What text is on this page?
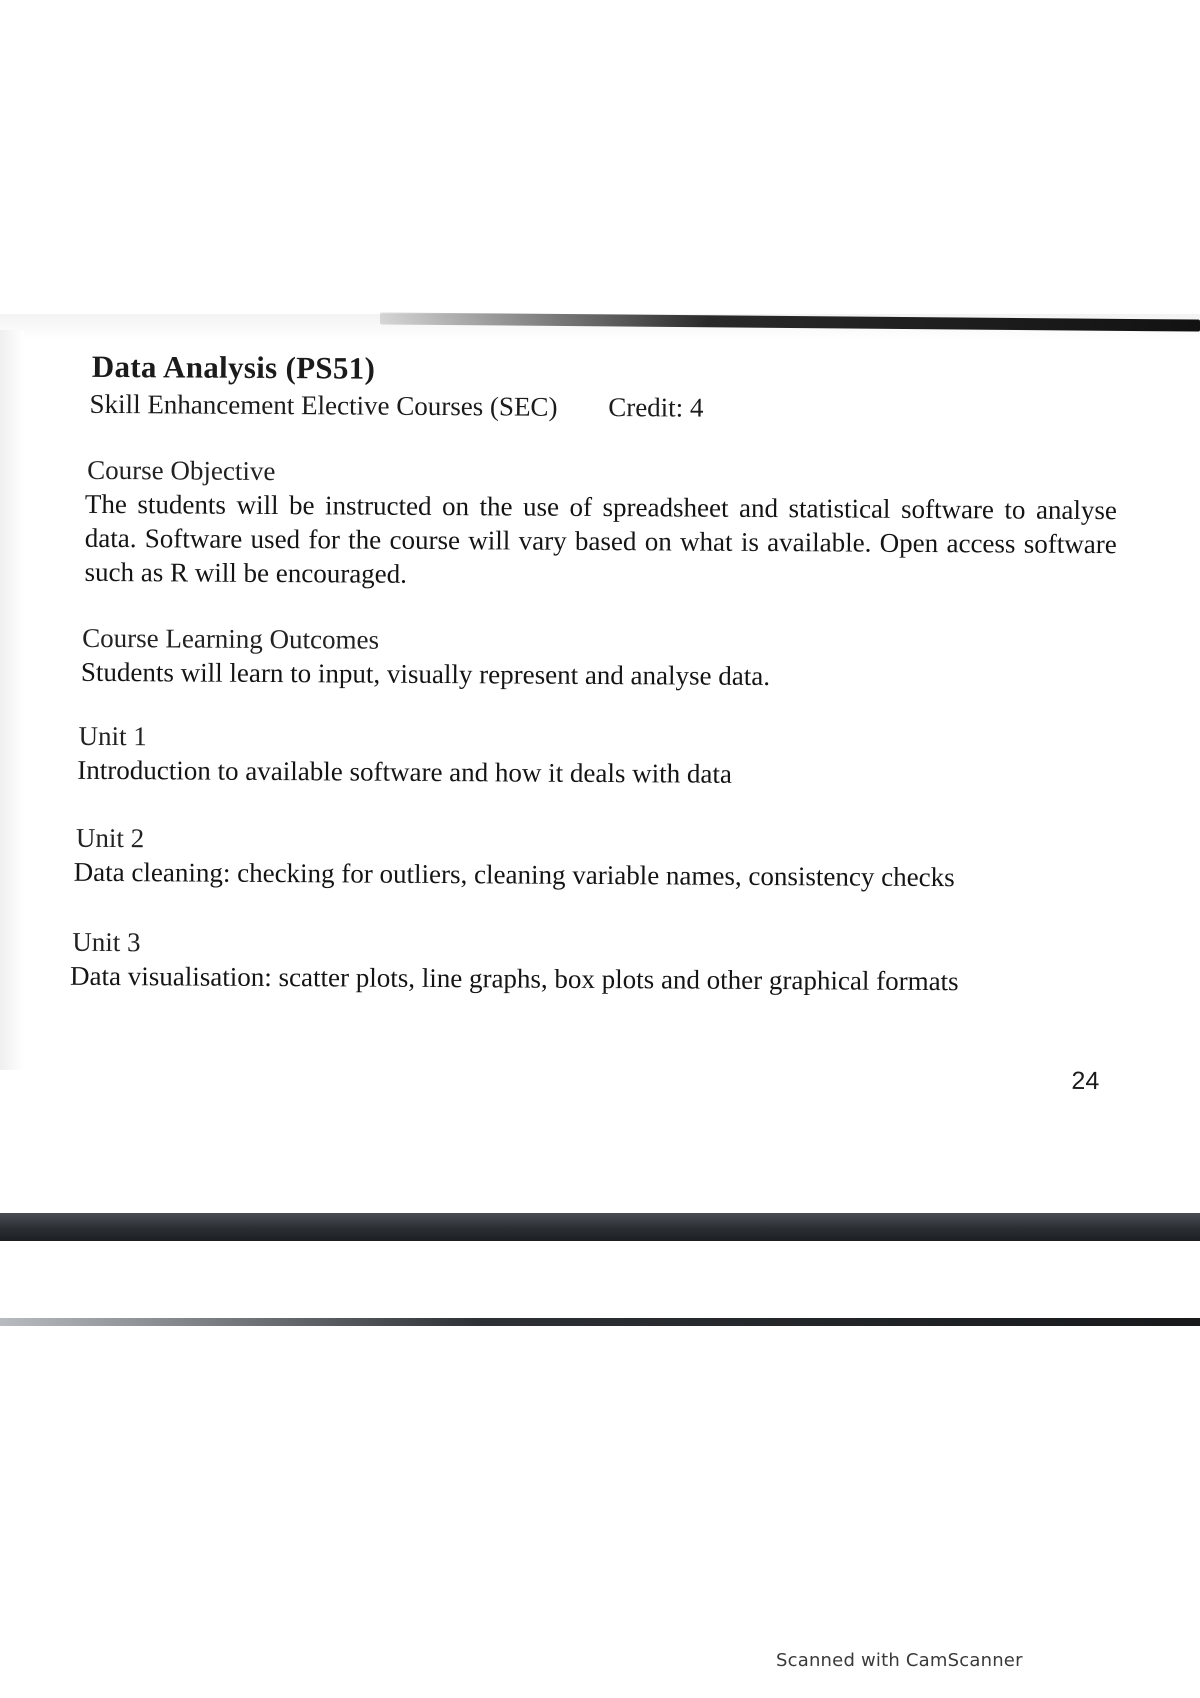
Data Analysis (PS51)
Skill Enhancement Elective Courses (SEC) Credit: 4
Course Objective
The students will be instructed on the use of spreadsheet and statistical software to analyse data. Software used for the course will vary based on what is available. Open access software such as R will be encouraged.
Course Learning Outcomes
Students will learn to input, visually represent and analyse data.
Unit 1
Introduction to available software and how it deals with data
Unit 2
Data cleaning: checking for outliers, cleaning variable names, consistency checks
Unit 3
Data visualisation: scatter plots, line graphs, box plots and other graphical formats
24
Scanned with CamScanner
